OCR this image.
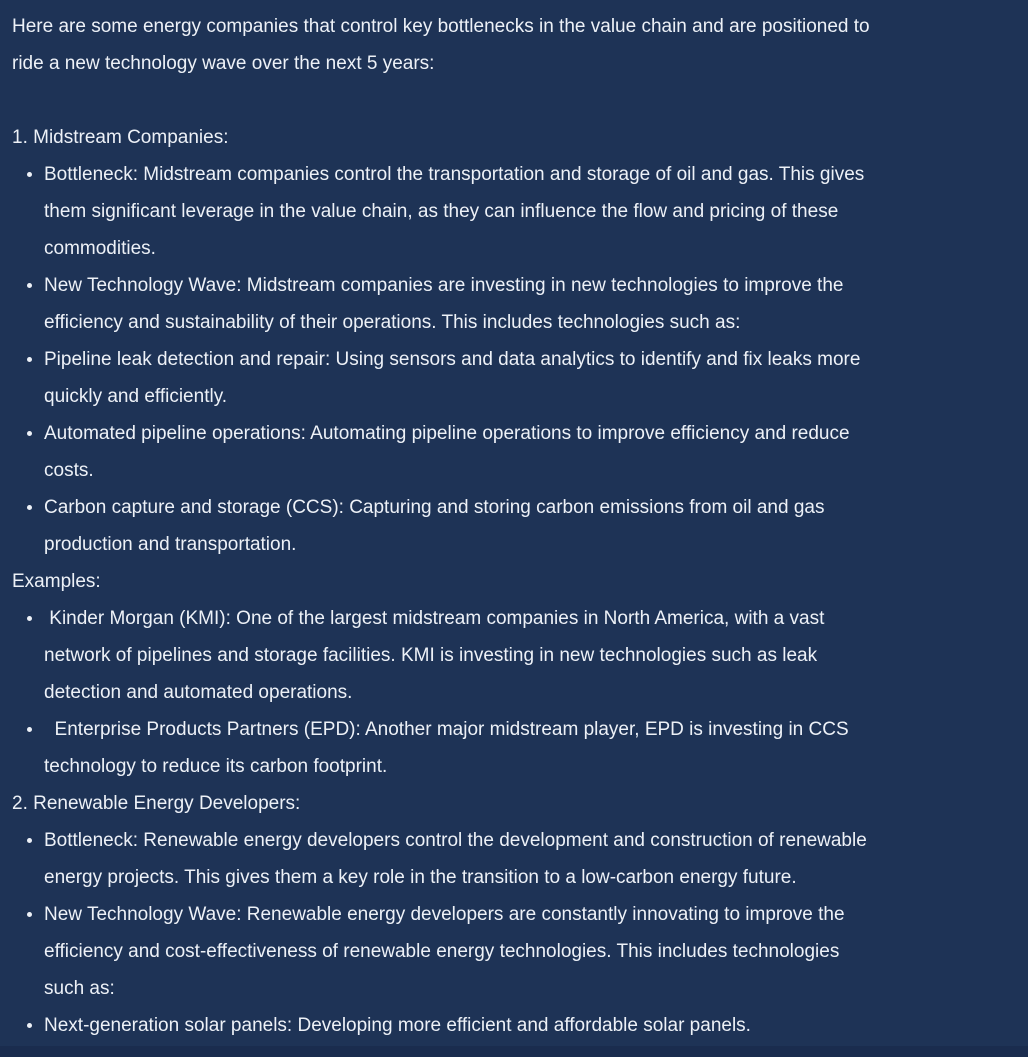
Here are some energy companies that control key bottlenecks in the value chain and are positioned to
ride a new technology wave over the next 5 years:
1. Midstream Companies:
Bottleneck: Midstream companies control the transportation and storage of oil and gas. This gives
them significant leverage in the value chain, as they can influence the flow and pricing of these
commodities.
New Technology Wave: Midstream companies are investing in new technologies to improve the
efficiency and sustainability of their operations. This includes technologies such as:
Pipeline leak detection and repair: Using sensors and data analytics to identify and fix leaks more
quickly and efficiently.
Automated pipeline operations: Automating pipeline operations to improve efficiency and reduce
costs.
Carbon capture and storage (CCS): Capturing and storing carbon emissions from oil and gas
production and transportation.
Examples:
Kinder Morgan (KMI): One of the largest midstream companies in North America, with a vast
network of pipelines and storage facilities. KMI is investing in new technologies such as leak
detection and automated operations.
Enterprise Products Partners (EPD): Another major midstream player, EPD is investing in CCS
technology to reduce its carbon footprint.
2. Renewable Energy Developers:
Bottleneck: Renewable energy developers control the development and construction of renewable
energy projects. This gives them a key role in the transition to a low-carbon energy future.
New Technology Wave: Renewable energy developers are constantly innovating to improve the
efficiency and cost-effectiveness of renewable energy technologies. This includes technologies
such as:
Next-generation solar panels: Developing more efficient and affordable solar panels.
